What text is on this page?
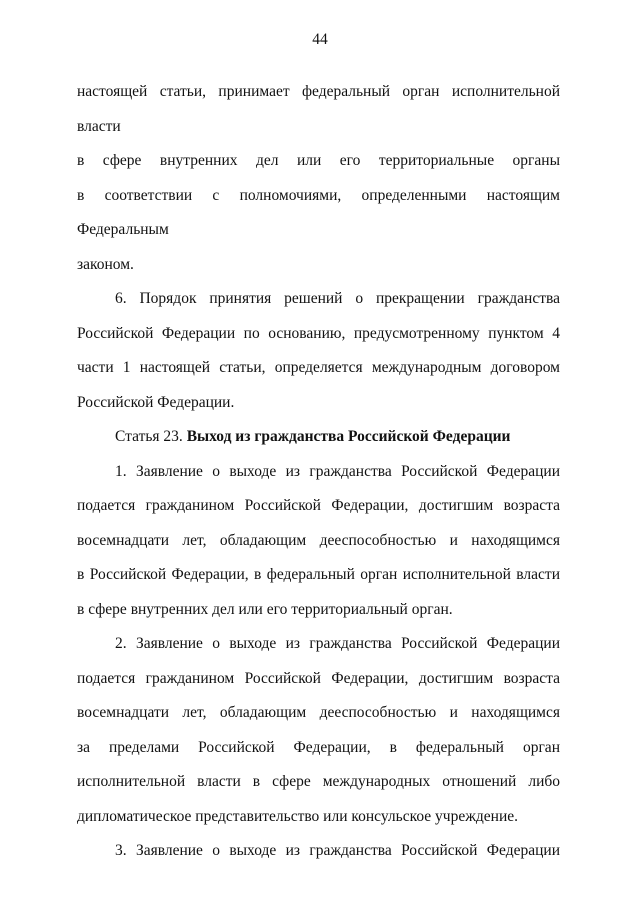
44

настоящей статьи, принимает федеральный орган исполнительной власти
в сфере внутренних дел или его территориальные органы
в соответствии с полномочиями, определенными настоящим Федеральным
законом.

6. Порядок принятия решений о прекращении гражданства
Российской Федерации по основанию, предусмотренному пунктом 4
части 1 настоящей статьи, определяется международным договором
Российской Федерации.

Статья 23. Выход из гражданства Российской Федерации

1. Заявление о выходе из гражданства Российской Федерации
подается гражданином Российской Федерации, достигшим возраста
восемнадцати лет, обладающим дееспособностью и находящимся
в Российской Федерации, в федеральный орган исполнительной власти
в сфере внутренних дел или его территориальный орган.

2. Заявление о выходе из гражданства Российской Федерации
подается гражданином Российской Федерации, достигшим возраста
восемнадцати лет, обладающим дееспособностью и находящимся
за пределами Российской Федерации, в федеральный орган
исполнительной власти в сфере международных отношений либо
дипломатическое представительство или консульское учреждение.

3. Заявление о выходе из гражданства Российской Федерации
